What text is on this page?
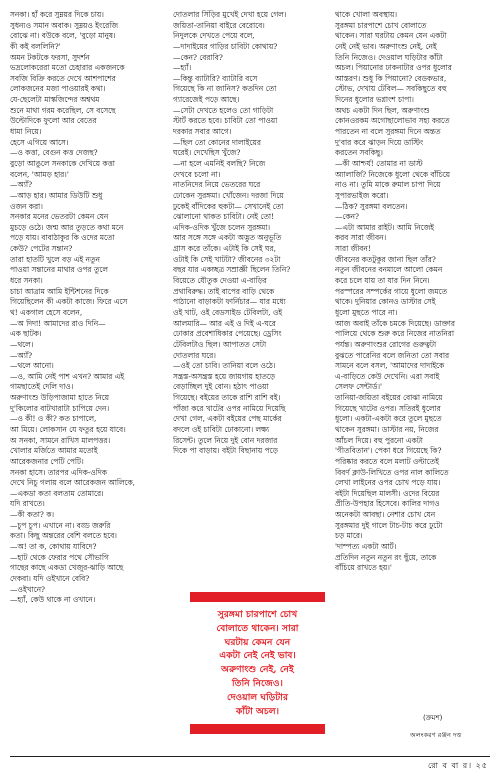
সনকা। হাঁ করে সুম্নয়র দিকে চায়।
সুধন্যও সমান অবাক। সুম্নয়ও ইংরেজি
বোঝে না। বউকে বলে, 'বুড়ো মানুষ।
কী কই বললিনি?'
অমন টকটকে ফরসা, সুদর্শন
ভদ্রলোকরেরা মতো চেহারার একজনকে
সবজি বিক্রি করতে দেখে আশপাশের
লোকজনের মজা পাওয়ারই কথা।
যে-ছেলেটা মাস্কজিন্দের অশ্বথম
শুনে মাথা গরম করেছিল, সে বসেছে
উল্টোদিকে ফুলো আর বেতের
ধামা নিয়ে।
হেসে এগিয়ে আসে।
—ও কত্তা, বেগুন কত্ত দেজছ?
বুড়ো আঙুলে সনকাকে দেখিয়ে কত্তা
বলেন, 'আমড় হার।'
—অ্যাঁ?
—আড় হার। আমার ডিউটি শুধু
ওজন করা।
সনকার মনের ভেতরটা কেমন যেন
মুচড়ে ওঠে। জন্ম আর তুড়তে কথা মনে
পড়ে যায়। বাবাঠাকুর কি ওদের মতো
কেউ? পেটের সন্তান?
তারা হাতটি খুলে বড় এই নতুন
পাওয়া সন্তানের মাথার ওপর তুলে
ধরে সনকা।
চাচা আত্রাম আমি ইন্টিশনের দিকে
গিয়েছিলেন কী একটা কাজে। ফিরে এসে
থ! একগাল হেসে বলেন,
—অ দিদা! আমাদের রাও দিনি—
এক ছাটক।
—থলে।
—অ্যাঁ?
—থলে আনো।
—ও, আমি নেই পাশ এখন? আমার এই
গামছাতেই দেলি দাও।
অরুণাংশু উড়িপাজামা হাতে নিয়ে
দু'কিলোর বাটখারাটা চাপিয়ে দেন।
—ও কী! ও কী? কত চাপালে,
আ মিয়ে। লোকসান যে ফতুর হয়ে যাবে।
অ সনকা, সামনে রাখিস মালপত্তর।
খোলার মর্জিতে আমার মতোই
আরেকজনার পেটি পেটি।
সনকা হাসে। তারপর এদিক-ওদিক
দেখে নিচু গলায় বলে আরেকজন আলিকে,
—একডা কতা বলতাম তোমারে।
যদি রাখতে।
—কী কতা? ক।
—চুপ চুপ। এখানে না। বড্ড জরুরি
কতা। কিছু অন্তরের বেশি বলতে হবে।
—অ! তা ক, কোথায় যাবিদে?
—হাট থেকে ফেরার পথে সৌভাগি
গাছের কাছে একডা খেজুর-ঝাড়ি আছে
দেকবা। যদি ওইখানে বেবি?
—ওইখানে?
—হ্যাঁ, কেউ থাকে না ওখানে।
দোতলার সিঁড়ির মুখেই দেখা হয়ে গেল।
জয়িতা-তানিয়া বাইরে বেরোবে।
নিদুলকে দেখতে পেয়ে বলে,
—দাদাইয়ের গাড়ির চাবিটা কোথায়?
—কেন? বেরাবি?
—হ্যাঁ।
—কিন্তু ব্যাটারি? ব্যাটারি বসে
গিয়েছে কি না জানিস? কতদিন তো
গ্যারেজেই পড়ে আছে।
—সেটা দেখতে হলেও তো গাড়িটা
স্টার্ট করতে হবে। চাবিটা তো পাওয়া
দরকার সবার আগে।
—ছিল তো কোনের দালাইয়ের
ঘরেই। দেখেছিস খুঁজে?
—না হলে এমনিই বলছি? নিজে
দেখবে চলো না।
নাতনিদের নিয়ে ভেতরের ঘরে
ঢোকেন সুরঙ্গমা। খোঁজেন। দরজা দিয়ে
ঢুকেই বাঁদিকের হুকটা— সেখানেই তো
ঝোলানো থাকত চাবিটা। নেই তো!
এদিক-ওদিক খুঁজে চলেন সুরঙ্গমা।
আর সঙ্গে সঙ্গে একটা অদ্ভুত অনুভূতি
গ্রাস করে তাঁকে। এটাই কি সেই ঘর,
ওটাই কি সেই খাটটা? জীবনের ৩২টা
বছর যার একচ্ছত্র সম্রাজ্ঞী ছিলেন তিনি?
বিয়েতে যৌতুক দেওয়া এ-বাড়ির
প্রথাবিরুদ্ধ। তাই বাপের বাড়ি থেকে
পাঠানো বাড়াকটা ফার্নিচার— যার মধ্যে
ওই খাট, ওই বেডসাইড টেবিলটা, ওই
আলমারি— আর এই ও দিই এ-ঘরে
ঢোকার প্রবেশাধিকার পেয়েছে। ড্রেসিং
টেবিলটাও ছিল। আপাতত সেটা
দোতলার ঘরে।
—ওই তো চাবি। তানিয়া বলে ওঠে।
সন্ত্রস্ত-অসন্ত্রস্ত হয়ে জায়গায় হাতড়ে
বেড়াচ্ছিল দুই বোন। হঠাৎ পাওয়া
গিয়েছে। বইয়ের তাকে রাশি রাশি বই।
পাঁজা করে খাটের ওপর নামিয়ে দিয়েছি
দেখা গেল, একটা বইয়ের পেছ মার্কের
বদলে ওই চাবিটা ঢোকানো। লক্ষ্য
রিসেন্ট। তুলে নিয়ে দুই বোন দরজার
দিকে পা বাড়ায়। বইটা বিছানায় পড়ে
থাকে খোলা অবস্থায়।
সুরঙ্গমা চারপাশে চোখ বোলাতে
থাকেন। সারা ঘরটায় কেমন যেন একটা
নেই নেই ভাব। অরুণাংশু নেই, নেই
তিনি নিজেও। দেওয়াল ঘড়িটার কাঁটা
অচল। পিয়ানোর ঢাকনাটার ওপর ধুলোর
আস্তরণ। শুধু কি পিয়ানো? বেডকভার,
স্টোভ, দেখায় টেবিল— সবকিছুতে বহু
দিনের ধুলোর ভগ্নাংশ চাপা।
অথচ একটা দিন ছিল, অরুণাংশু
কোনওরকম অগোছালোভাব সহ্য করতে
পারতেন না বলে সুরঙ্গমা দিনে অন্তত
দু'বার করে ঝাড়ন দিয়ে ডাস্টিং
করতেন সবকিছু।
—কী আশ্চর্য! তোমার না ডাস্ট
অ্যালার্জি? নিজেকে ধুলো থেকে বাঁচিয়ে
নাও না। তুমি মাকে রুমাল চাপা দিয়ে
সুপারভাইজ করো।
—ঠিক? সুরঙ্গমা বলতেন।
—কেন?
—এটা আমার রাইট। আমি নিজেই
করব সারা জীবন।
সারা জীবন!
জীবনের কতটুকুর জানা ছিল তাঁর?
নতুন জীবনের বনমালে আলো কেমন
করে চলে যায় তা যার দিন নিনে।
পরস্পরের সম্পর্কের গায়ে ধুলো জমতে
থাকে। দুনিয়ার কোনও ডাস্টার সেই
ধুলো মুছতে পারে না।
আজ অবাই তাঁকে চমকে দিয়েছে। ডাক্তার
পালিয়ে থেকে শুরু করে নিজের নাতনিরা
পর্যন্ত। অরুণাংশুর রোগের গুরুত্বটা
বুঝতে পারেনির বলে জনিতা তো সবার
সামনে বলে বসল, 'আমাদের দাদাইকে
এ-বাড়িতে কেউ দেখেনি। এরা সবাই
সেলফ সেন্টার্ড।'
তানিয়া-জয়িতা বইয়ের বোঝা নামিয়ে
গিয়েছে খাটের ওপর। সতিরই ধুলোর
ধুলো। একটা-একটা করে তুলে মুছতে
থাকেন সুরঙ্গমা। ডাস্টার নয়, নিজের
আঁচল দিয়ে। বহু পুরনো একটা
'গীতবিতান'। পেকা ধরে গিয়েছে কি?
পরিষ্কার করতে বলে মলাট ওল্টাতেই
বিবর্ণ ক্লাউ-লিখিতে ওপর নাল কালিতে
লেখা লাইনের ওপর চোখ পড়ে যায়।
বইটা দিয়েছিল মালসী। ওদের বিয়ের
প্রীতি-উপহার হিসেবে। কালির দাগও
অনেকটা আবছা। নেশার চোখ যেন
সুরঙ্গমার দুই গালে টাচ-টাচ করে ঢুটো
চড় মারে।
'দাম্পত্য একটা আর্ট।
প্রতিদিন নতুন নতুন রং ছুঁয়ে, তাকে
বাঁচিয়ে রাখতে হয়।'
সুরঙ্গমা চারপাশে চোখ
বোলাতে থাকেন। সারা
ঘরটায় কেমন যেন
একটা নেই নেই ভাব।
অরুণাংশু নেই, নেই
তিনি নিজেও।
দেওয়াল ঘড়িটার
কাঁটা অচল।
(ক্রমশ)
অলংকরণ রঞ্জন দত্ত
রো ব বা র। ২৫
